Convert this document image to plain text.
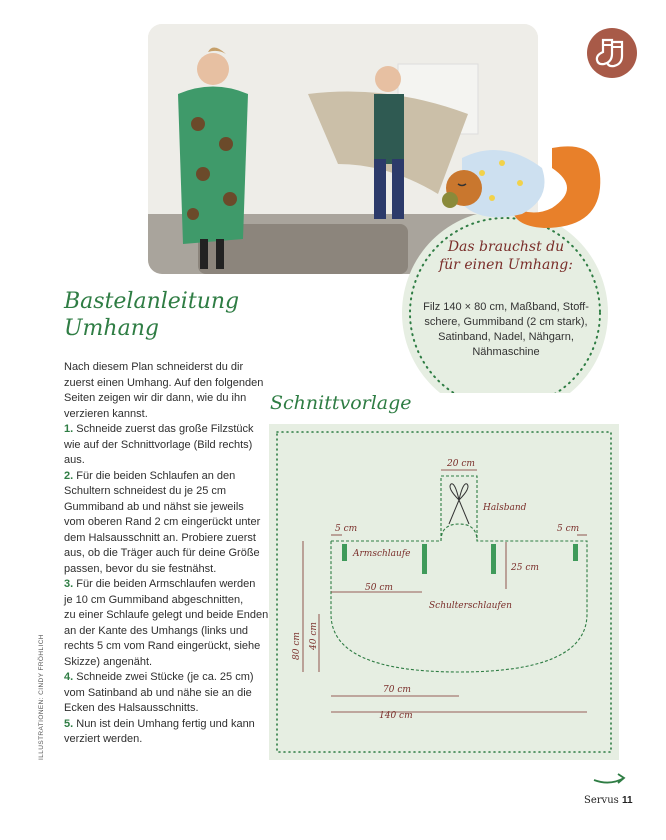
Das brauchst du
für einen Umhang:
Filz 140 × 80 cm, Maßband, Stoff-
schere, Gummiband (2 cm stark),
Satinband, Nadel, Nähgarn,
Nähmaschine
Bastelanleitung
Umhang

Nach diesem Plan schneiderst du dir

zuerst einen Umhang. Auf den folgenden

Seiten zeigen wir dir dann, wie du ihn

verzieren kannst.

1. Schneide zuerst das große Filzstück

wie auf der Schnittvorlage (Bild rechts)

aus.

2. Für die beiden Schlaufen an den

Schultern schneidest du je 25 cm

Gummiband ab und nähst sie jeweils

vom oberen Rand 2 cm eingerückt unter

dem Halsausschnitt an. Probiere zuerst

aus, ob die Träger auch für deine Größe

passen, bevor du sie festnähst.

3. Für die beiden Armschlaufen werden

je 10 cm Gummiband abgeschnitten,

zu einer Schlaufe gelegt und beide Enden

an der Kante des Umhangs (links und

rechts 5 cm vom Rand eingerückt, siehe

Skizze) angenäht.

4. Schneide zwei Stücke (je ca. 25 cm)

vom Satinband ab und nähe sie an die

Ecken des Halsausschnitts.

5. Nun ist dein Umhang fertig und kann

verziert werden.

Schnittvorlage
20 cm
Halsband
5 cm	5 cm
Armschlaufe
25 cm
50 cm
Schulterschlaufen
80 cm 40 cm
70 cm
140 cm
ILLUSTRATIONEN: CINDY FRÖHLICH
Servus 11
